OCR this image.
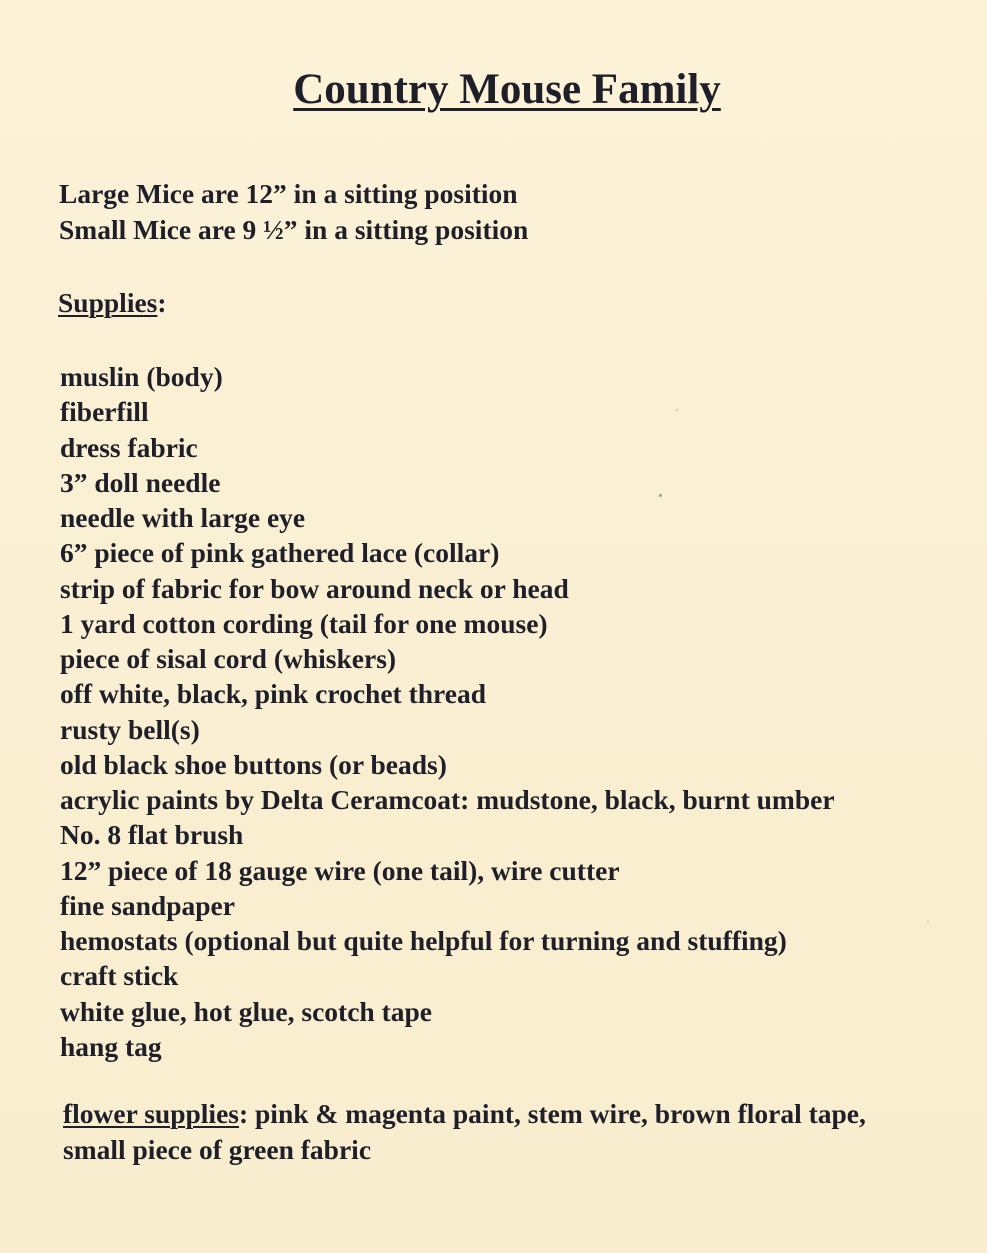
Country Mouse Family
Large Mice are 12” in a sitting position
Small Mice are 9 ½” in a sitting position
Supplies:
muslin (body)
fiberfill
dress fabric
3” doll needle
needle with large eye
6” piece of pink gathered lace (collar)
strip of fabric for bow around neck or head
1 yard cotton cording (tail for one mouse)
piece of sisal cord (whiskers)
off white, black, pink crochet thread
rusty bell(s)
old black shoe buttons (or beads)
acrylic paints by Delta Ceramcoat: mudstone, black, burnt umber
No. 8 flat brush
12” piece of 18 gauge wire (one tail), wire cutter
fine sandpaper
hemostats (optional but quite helpful for turning and stuffing)
craft stick
white glue, hot glue, scotch tape
hang tag
flower supplies: pink & magenta paint, stem wire, brown floral tape,
small piece of green fabric
